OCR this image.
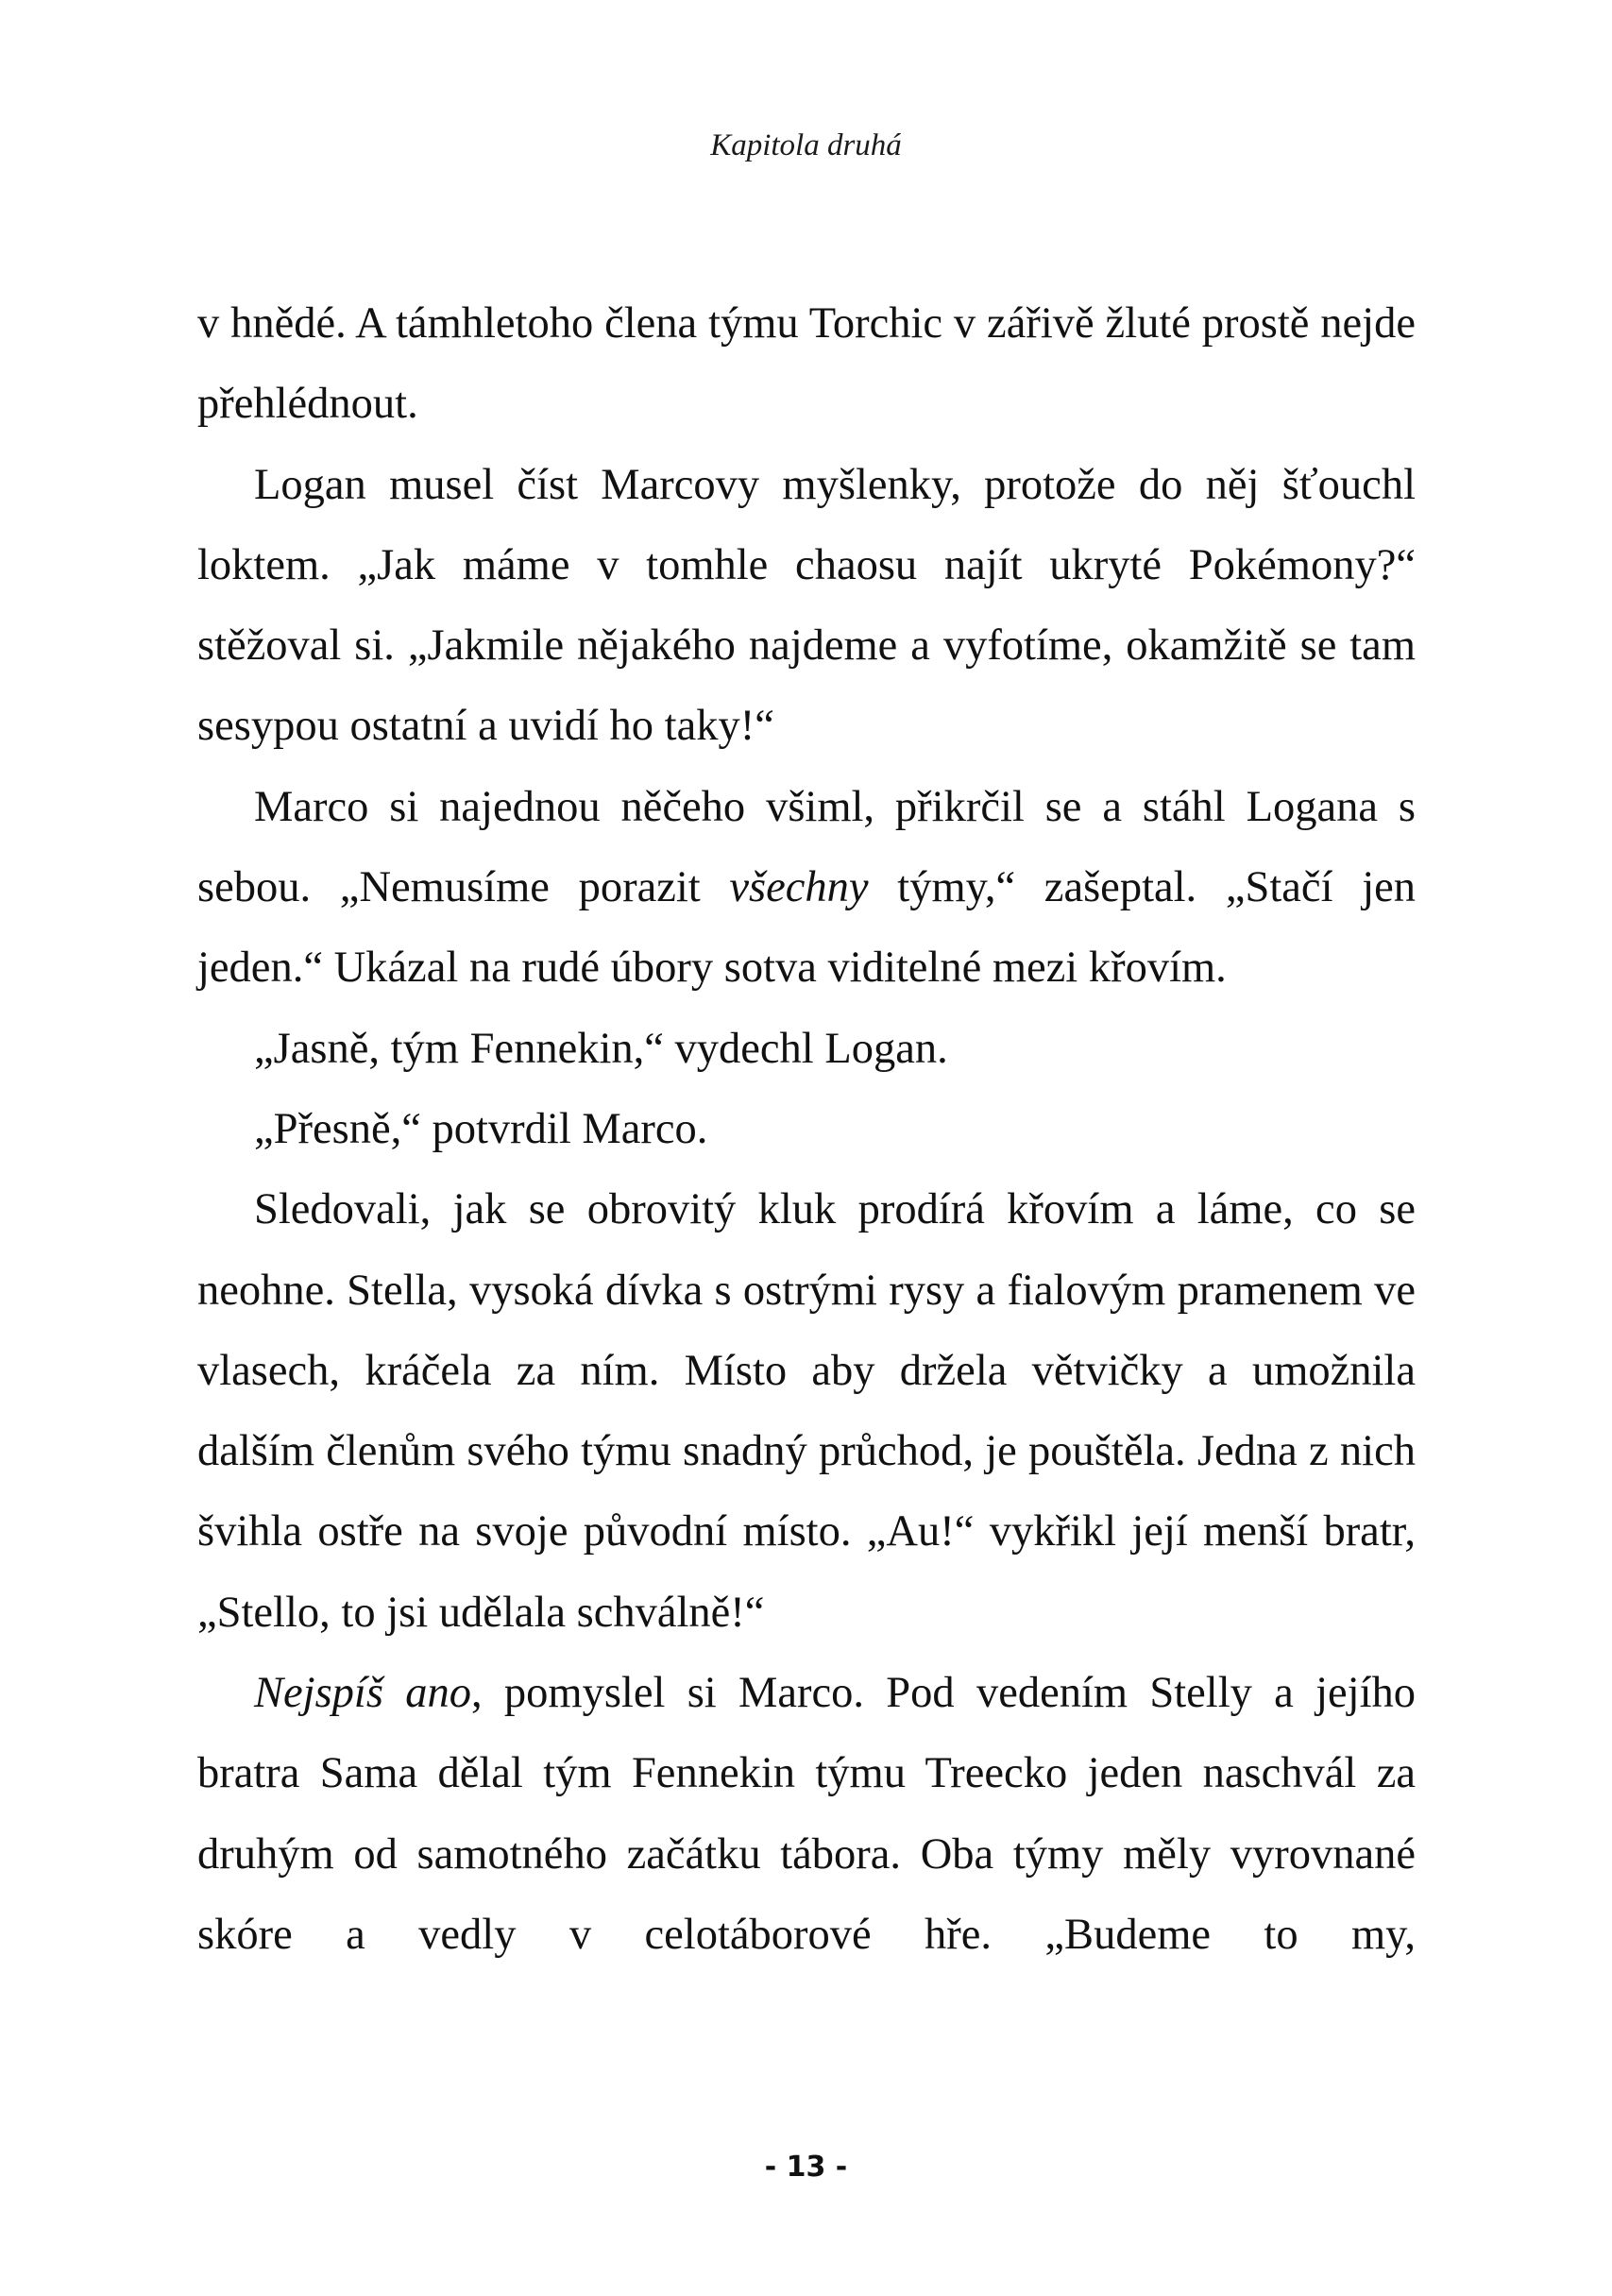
Kapitola druhá

v hnědé. A támhletoho člena týmu Torchic v zářivě žluté prostě nejde přehlédnout.

Logan musel číst Marcovy myšlenky, protože do něj šťouchl loktem. „Jak máme v tomhle chaosu najít ukryté Pokémony?“ stěžoval si. „Jakmile nějakého najdeme a vyfotíme, okamžitě se tam sesypou ostatní a uvidí ho taky!“

Marco si najednou něčeho všiml, přikrčil se a stáhl Logana s sebou. „Nemusíme porazit všechny týmy,“ zašeptal. „Stačí jen jeden.“ Ukázal na rudé úbory sotva viditelné mezi křovím.

„Jasně, tým Fennekin,“ vydechl Logan.

„Přesně,“ potvrdil Marco.

Sledovali, jak se obrovitý kluk prodírá křovím a láme, co se neohne. Stella, vysoká dívka s ostrými rysy a fialovým pramenem ve vlasech, kráčela za ním. Místo aby držela větvičky a umožnila dalším členům svého týmu snadný průchod, je pouštěla. Jedna z nich švihla ostře na svoje původní místo. „Au!“ vykřikl její menší bratr, „Stello, to jsi udělala schválně!“

Nejspíš ano, pomyslel si Marco. Pod vedením Stelly a jejího bratra Sama dělal tým Fennekin týmu Treecko jeden naschvál za druhým od samotného začátku tábora. Oba týmy měly vyrovnané skóre a vedly v celotáborové hře. „Budeme to my,

- 13 -
